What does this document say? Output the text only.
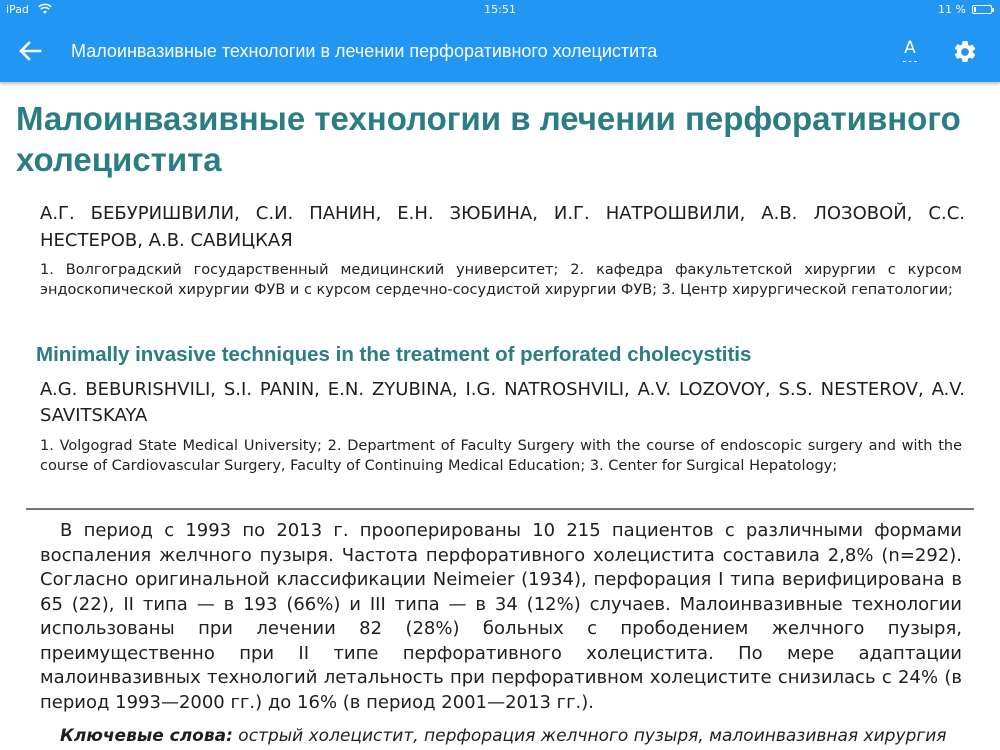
iPad	15:51	11 %
Малоинвазивные технологии в лечении перфоративного холецистита	A
Малоинвазивные технологии в лечении перфоративного холецистита
А.Г. БЕБУРИШВИЛИ, С.И. ПАНИН, Е.Н. ЗЮБИНА, И.Г. НАТРОШВИЛИ, А.В. ЛОЗОВОЙ, С.С. НЕСТЕРОВ, А.В. САВИЦКАЯ
1. Волгоградский государственный медицинский университет; 2. кафедра факультетской хирургии с курсом эндоскопической хирургии ФУВ и с курсом сердечно-сосудистой хирургии ФУВ; 3. Центр хирургической гепатологии;
Minimally invasive techniques in the treatment of perforated cholecystitis
A.G. BEBURISHVILI, S.I. PANIN, E.N. ZYUBINA, I.G. NATROSHVILI, A.V. LOZOVOY, S.S. NESTEROV, A.V. SAVITSKAYA
1. Volgograd State Medical University; 2. Department of Faculty Surgery with the course of endoscopic surgery and with the course of Cardiovascular Surgery, Faculty of Continuing Medical Education; 3. Center for Surgical Hepatology;

В период с 1993 по 2013 г. прооперированы 10 215 пациентов с различными формами воспаления желчного пузыря. Частота перфоративного холецистита составила 2,8% (n=292). Согласно оригинальной классификации Neimeier (1934), перфорация I типа верифицирована в 65 (22), II типа — в 193 (66%) и III типа — в 34 (12%) случаев. Малоинвазивные технологии использованы при лечении 82 (28%) больных с прободением желчного пузыря, преимущественно при II типе перфоративного холецистита. По мере адаптации малоинвазивных технологий летальность при перфоративном холецистите снизилась с 24% (в период 1993—2000 гг.) до 16% (в период 2001—2013 гг.).

Ключевые слова: острый холецистит, перфорация желчного пузыря, малоинвазивная хирургия
